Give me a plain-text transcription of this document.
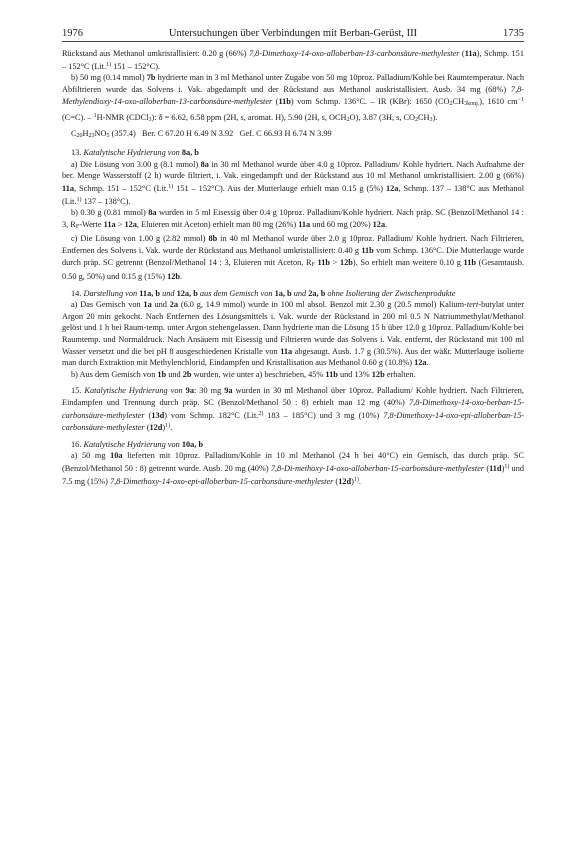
1976	Untersuchungen über Verbindungen mit Berban-Gerüst, III	1735

Rückstand aus Methanol umkristallisiert: 0.20 g (66%) 7,8-Dimethoxy-14-oxo-alloberban-13-carbonsäure-methylester (11a), Schmp. 151 – 152°C (Lit.$^{1)}$ 151 – 152°C).

b) 50 mg (0.14 mmol) 7b hydrierte man in 3 ml Methanol unter Zugabe von 50 mg 10proz. Palladium/Kohle bei Raumtemperatur. Nach Abfiltrieren wurde das Solvens i. Vak. abgedampft und der Rückstand aus Methanol auskristallisiert. Ausb. 34 mg (68%) 7,8-Methylendioxy-14-oxo-alloberban-13-carbonsäure-methylester (11b) vom Schmp. 136°C. – IR (KBr): 1650 (CO2CH3konj.), 1610 $cm^{-1}$ (C=C). – $^1$H-NMR (CDCl3): δ = 6.62, 6.58 ppm (2H, s, aromat. H), 5.90 (2H, s, OCH2O), 3.87 (3H, s, CO2CH3).

C20H23NO5 (357.4)   Ber. C 67.20 H 6.49 N 3.92   Gef. C 66.93 H 6.74 N 3.99

13. Katalytische Hydrierung von 8a, b

a) Die Lösung von 3.00 g (8.1 mmol) 8a in 30 ml Methanol wurde über 4.0 g 10proz. Palladium/ Kohle hydriert. Nach Aufnahme der ber. Menge Wasserstoff (2 h) wurde filtriert, i. Vak. eingedampft und der Rückstand aus 10 ml Methanol umkristallisiert. 2.00 g (66%) 11a, Schmp. 151 – 152°C (Lit.$^{1)}$ 151 – 152°C). Aus der Mutterlauge erhielt man 0.15 g (5%) 12a, Schmp. 137 – 138°C aus Methanol (Lit.$^{1)}$ 137 – 138°C).

b) 0.30 g (0.81 mmol) 8a wurden in 5 ml Eisessig über 0.4 g 10proz. Palladium/Kohle hydriert. Nach präp. SC (Benzol/Methanol 14 : 3, RF-Werte 11a > 12a, Eluieren mit Aceton) erhielt man 80 mg (26%) 11a und 60 mg (20%) 12a.

c) Die Lösung von 1.00 g (2.82 mmol) 8b in 40 ml Methanol wurde über 2.0 g 10proz. Palladium/ Kohle hydriert. Nach Filtrieren, Entfernen des Solvens i. Vak. wurde der Rückstand aus Methanol umkristallisiert: 0.40 g 11b vom Schmp. 136°C. Die Mutterlauge wurde durch präp. SC getrennt (Benzol/Methanol 14 : 3, Eluieren mit Aceton, RF 11b > 12b). So erhielt man weitere 0.10 g 11b (Gesamtausb. 0.50 g, 50%) und 0.15 g (15%) 12b.

14. Darstellung von 11a, b und 12a, b aus dem Gemisch von 1a, b und 2a, b ohne Isolierung der Zwischenprodukte

a) Das Gemisch von 1a und 2a (6.0 g, 14.9 mmol) wurde in 100 ml absol. Benzol mit 2.30 g (20.5 mmol) Kalium-tert-butylat unter Argon 20 min gekocht. Nach Entfernen des Lösungsmittels i. Vak. wurde der Rückstand in 200 ml 0.5 N Natriummethylat/Methanol gelöst und 1 h bei Raum-temp. unter Argon stehengelassen. Dann hydrierte man die Lösung 15 h über 12.0 g 10proz. Palladium/Kohle bei Raumtemp. und Normaldruck. Nach Ansäuern mit Eisessig und Filtrieren wurde das Solvens i. Vak. entfernt, der Rückstand mit 100 ml Wasser versetzt und die bei pH 8 ausgeschiedenen Kristalle von 11a abgesaugt. Ausb. 1.7 g (30.5%). Aus der wäßr. Mutterlauge isolierte man durch Extraktion mit Methylenchlorid, Eindampfen und Kristallisation aus Methanol 0.60 g (10.8%) 12a.

b) Aus dem Gemisch von 1b und 2b wurden, wie unter a) beschrieben, 45% 11b und 13% 12b erhalten.

15. Katalytische Hydrierung von 9a: 30 mg 9a wurden in 30 ml Methanol über 10proz. Palladium/ Kohle hydriert. Nach Filtrieren, Eindampfen und Trennung durch präp. SC (Benzol/Methanol 50 : 8) erhielt man 12 mg (40%) 7,8-Dimethoxy-14-oxo-berban-15-carbonsäure-methylester (13d) vom Schmp. 182°C (Lit.$^{2)}$ 183 – 185°C) und 3 mg (10%) 7,8-Dimethoxy-14-oxo-epi-alloberban-15-carbonsäure-methylester $(12d)^{1)}$.

16. Katalytische Hydrierung von 10a, b

a) 50 mg 10a lieferten mit 10proz. Palladium/Kohle in 10 ml Methanol (24 h bei 40°C) ein Gemisch, das durch präp. SC (Benzol/Methanol 50 : 8) getrennt wurde. Ausb. 20 mg (40%) 7,8-Di-methoxy-14-oxo-alloberban-15-carbonsäure-methylester $(11d)^{1)}$ und 7.5 mg (15%) 7,8-Dimethoxy-14-oxo-epi-alloberban-15-carbonsäure-methylester $(12d)^{1)}$.
